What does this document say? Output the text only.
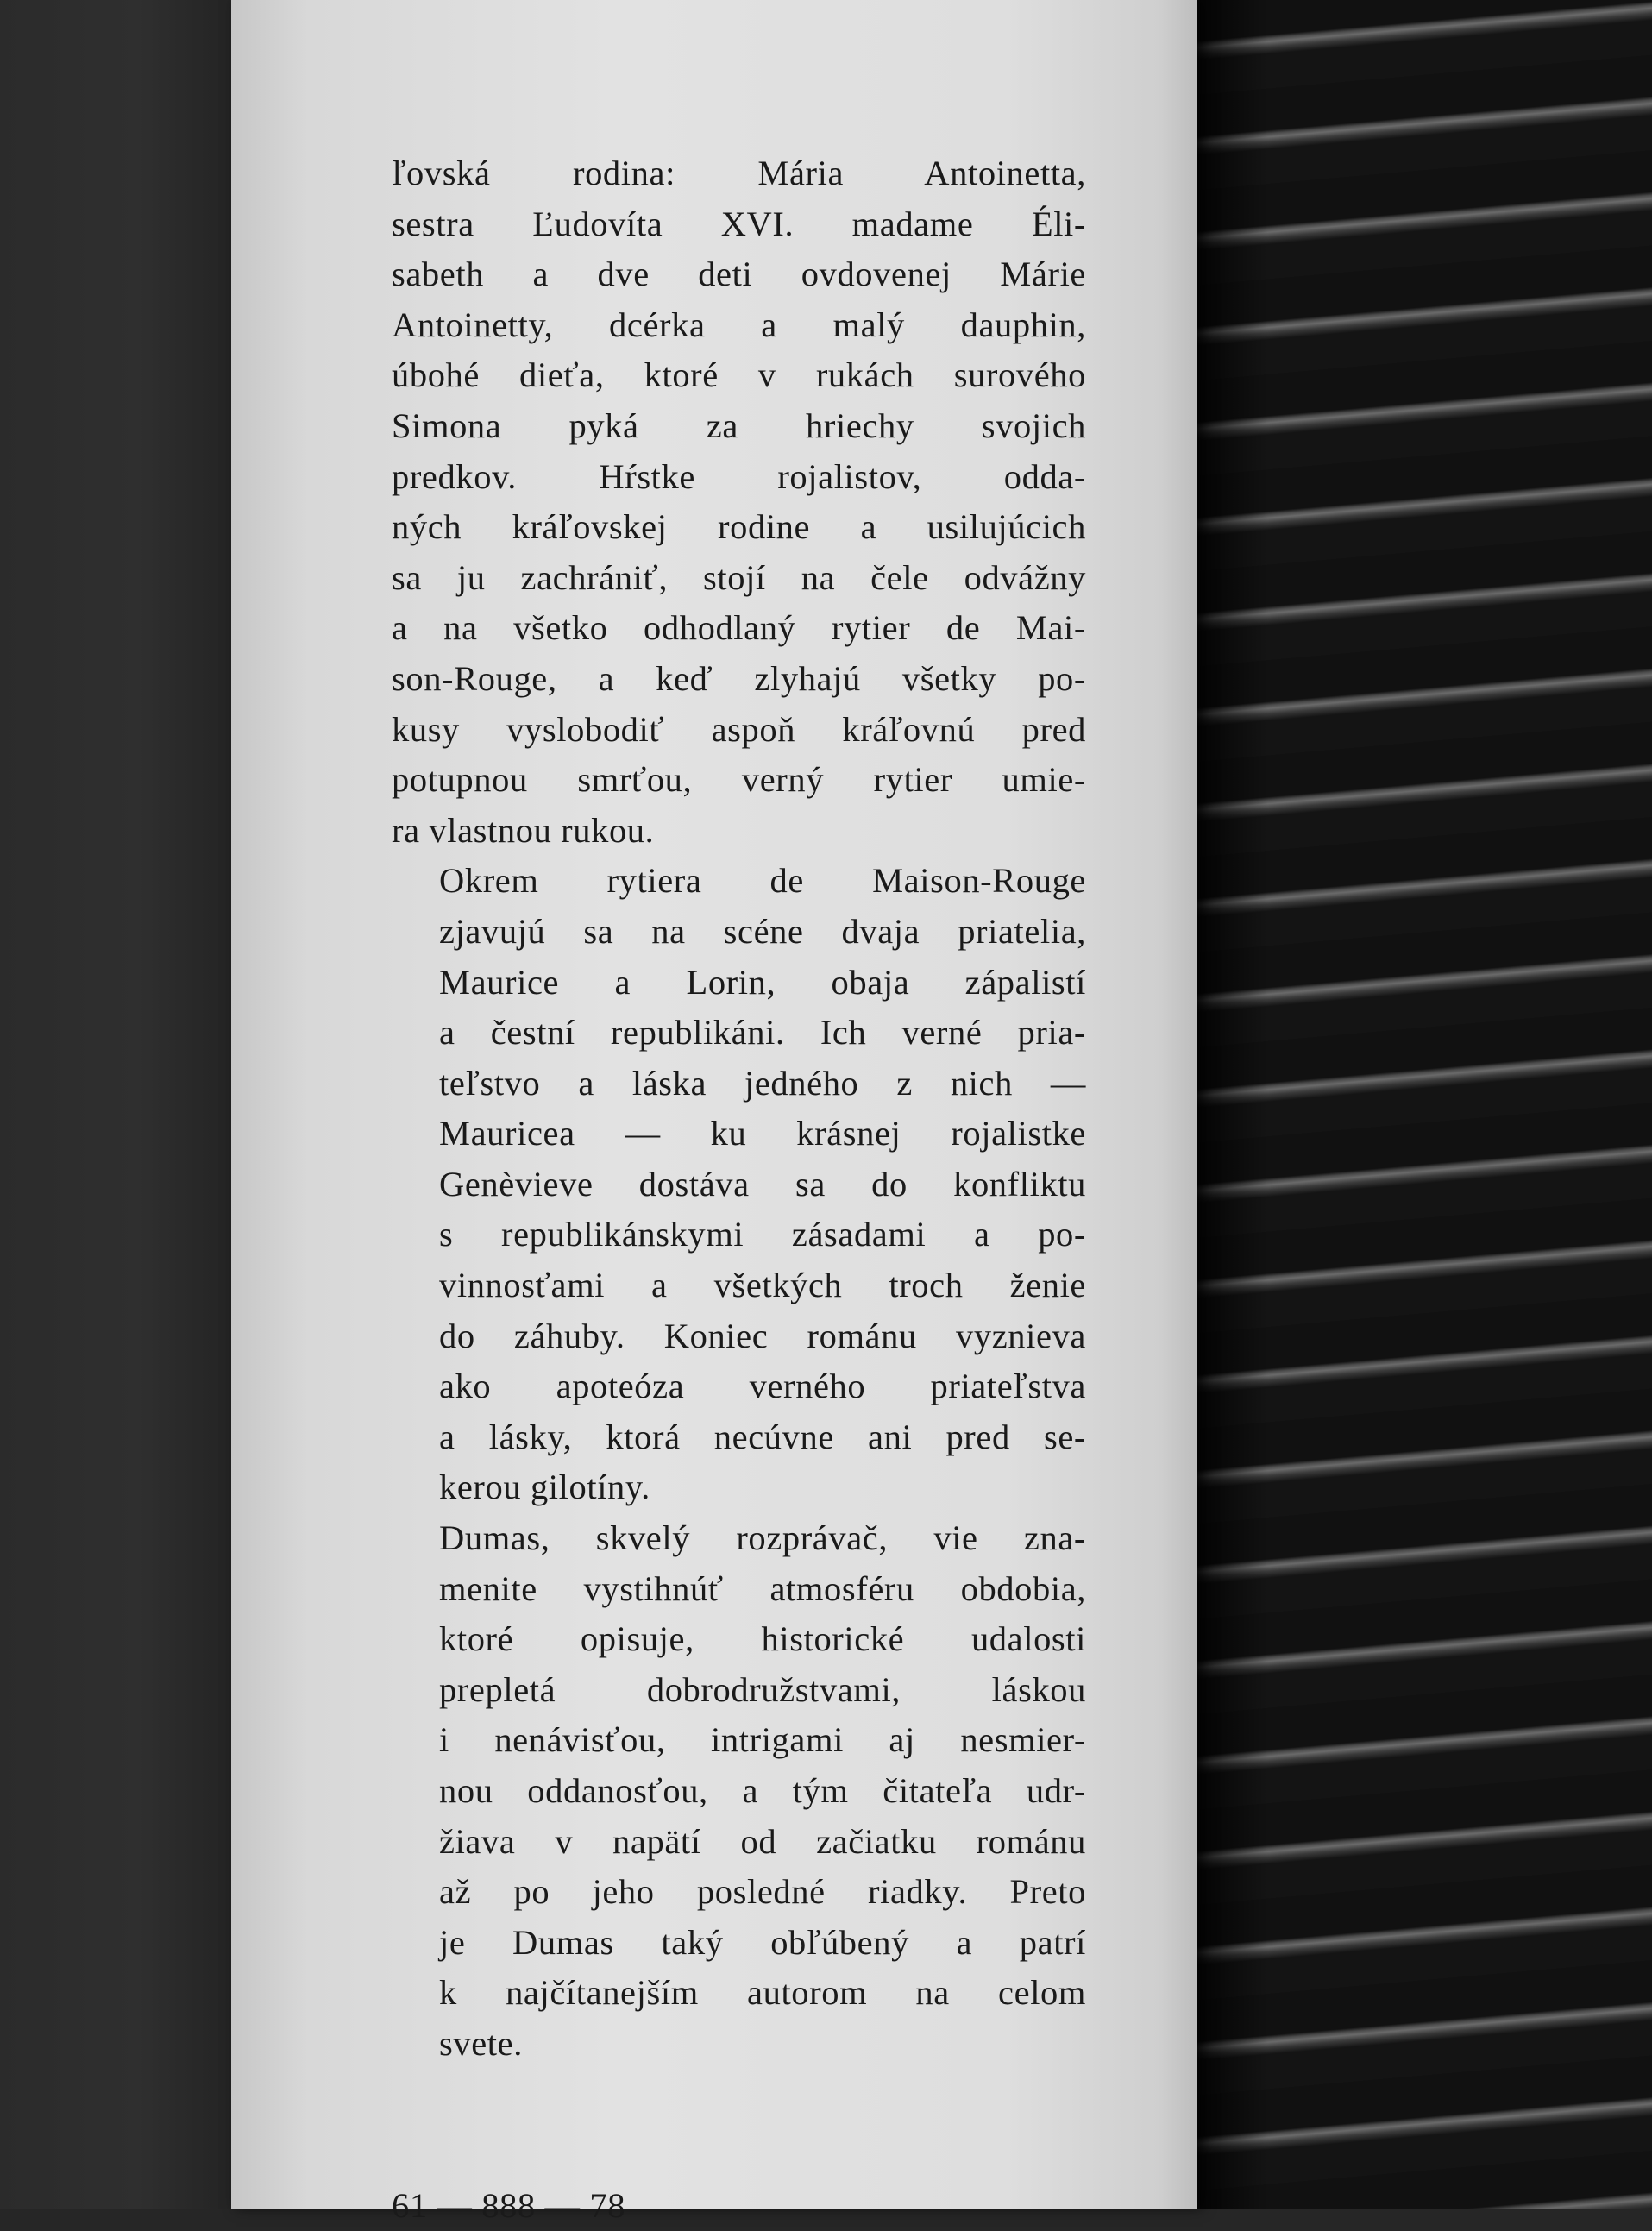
ľovská rodina: Mária Antoinetta,
sestra Ľudovíta XVI. madame Éli-
sabeth a dve deti ovdovenej Márie
Antoinetty, dcérka a malý dauphin,
úbohé dieťa, ktoré v rukách surového
Simona pyká za hriechy svojich
predkov. Hŕstke rojalistov, odda-
ných kráľovskej rodine a usilujúcich
sa ju zachrániť, stojí na čele odvážny
a na všetko odhodlaný rytier de Mai-
son-Rouge, a keď zlyhajú všetky po-
kusy vyslobodiť aspoň kráľovnú pred
potupnou smrťou, verný rytier umie-
ra vlastnou rukou.

Okrem rytiera de Maison-Rouge
zjavujú sa na scéne dvaja priatelia,
Maurice a Lorin, obaja zápalistí
a čestní republikáni. Ich verné pria-
teľstvo a láska jedného z nich —
Mauricea — ku krásnej rojalistke
Genèvieve dostáva sa do konfliktu
s republikánskymi zásadami a po-
vinnosťami a všetkých troch ženie
do záhuby. Koniec románu vyznieva
ako apoteóza verného priateľstva
a lásky, ktorá necúvne ani pred se-
kerou gilotíny.

Dumas, skvelý rozprávač, vie zna-
menite vystihnúť atmosféru obdobia,
ktoré opisuje, historické udalosti
prepletá dobrodružstvami, láskou
i nenávisťou, intrigami aj nesmier-
nou oddanosťou, a tým čitateľa udr-
žiava v napätí od začiatku románu
až po jeho posledné riadky. Preto
je Dumas taký obľúbený a patrí
k najčítanejším autorom na celom
svete.

61 — 888 — 78
